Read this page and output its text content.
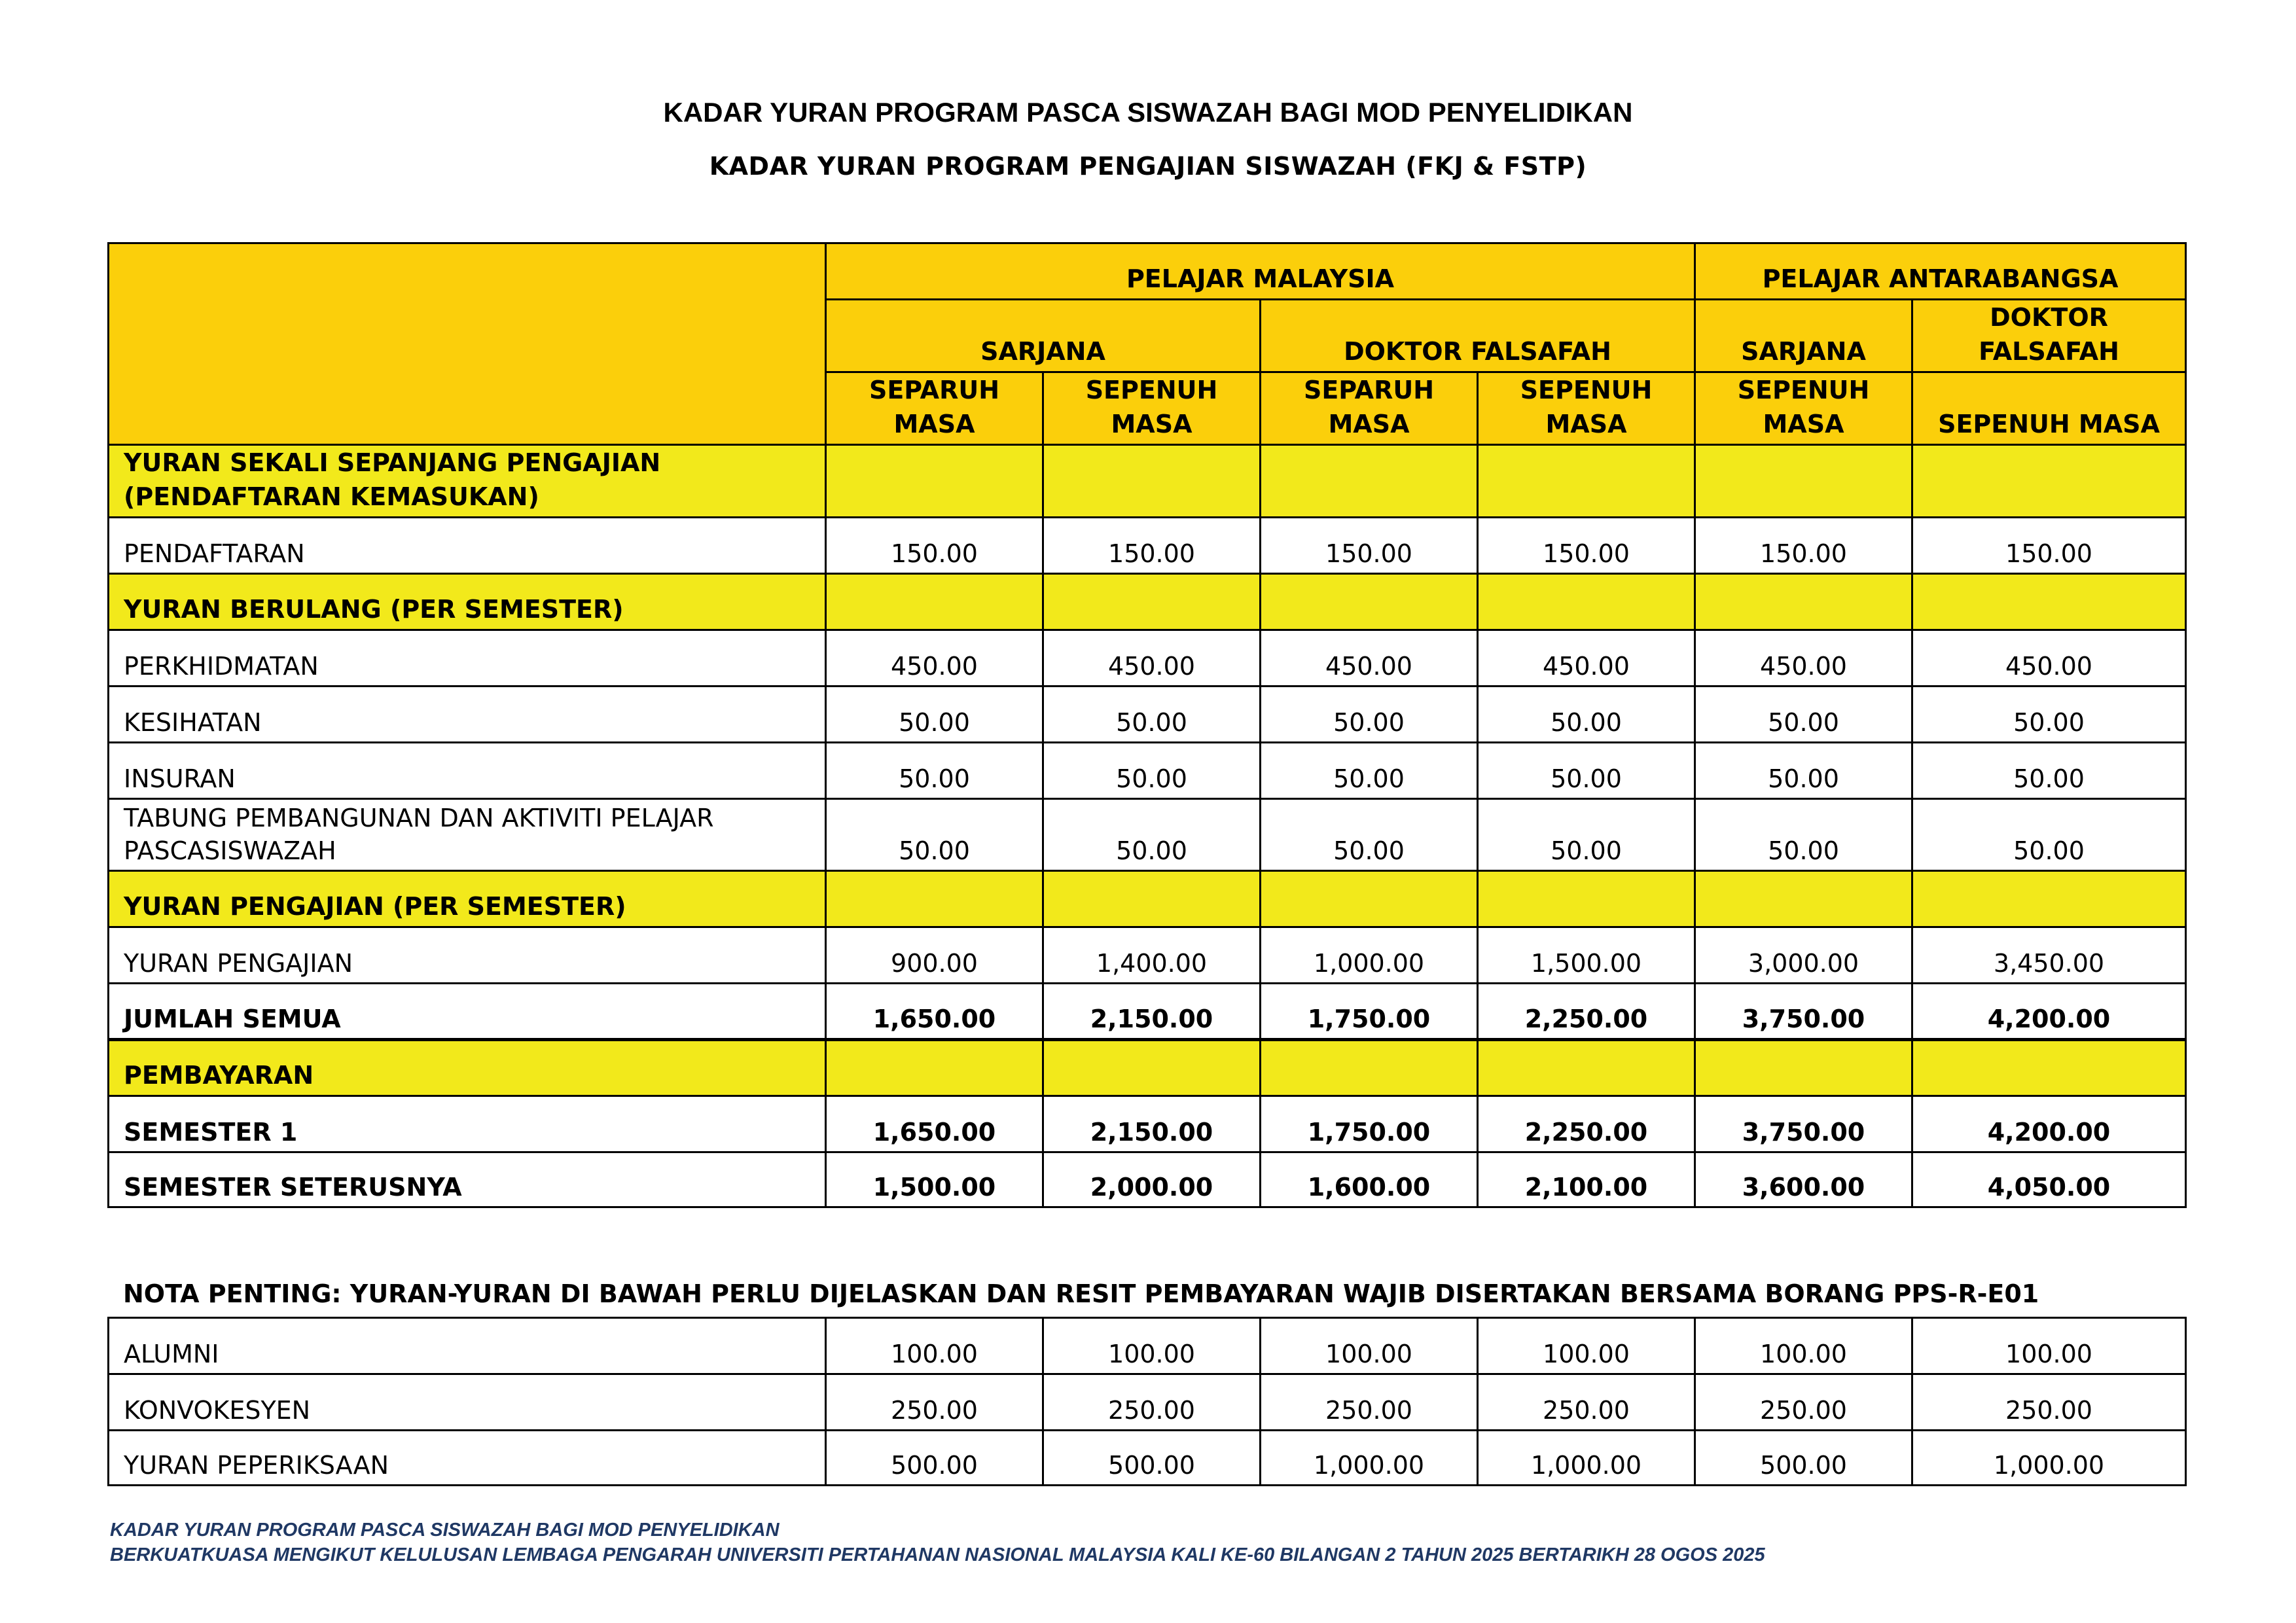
KADAR YURAN PROGRAM PASCA SISWAZAH BAGI MOD PENYELIDIKAN
KADAR YURAN PROGRAM PENGAJIAN SISWAZAH (FKJ & FSTP)
	PELAJAR MALAYSIA				PELAJAR ANTARABANGSA	
	SARJANA		DOKTOR FALSAFAH		SARJANA	DOKTOR FALSAFAH
	SEPARUH MASA	SEPENUH MASA	SEPARUH MASA	SEPENUH MASA	SEPENUH MASA	SEPENUH MASA
YURAN SEKALI SEPANJANG PENGAJIAN (PENDAFTARAN KEMASUKAN)						
PENDAFTARAN	150.00	150.00	150.00	150.00	150.00	150.00
YURAN BERULANG (PER SEMESTER)						
PERKHIDMATAN	450.00	450.00	450.00	450.00	450.00	450.00
KESIHATAN	50.00	50.00	50.00	50.00	50.00	50.00
INSURAN	50.00	50.00	50.00	50.00	50.00	50.00
TABUNG PEMBANGUNAN DAN AKTIVITI PELAJAR PASCASISWAZAH	50.00	50.00	50.00	50.00	50.00	50.00
YURAN PENGAJIAN (PER SEMESTER)						
YURAN PENGAJIAN	900.00	1,400.00	1,000.00	1,500.00	3,000.00	3,450.00
JUMLAH SEMUA	1,650.00	2,150.00	1,750.00	2,250.00	3,750.00	4,200.00
PEMBAYARAN						
SEMESTER 1	1,650.00	2,150.00	1,750.00	2,250.00	3,750.00	4,200.00
SEMESTER SETERUSNYA	1,500.00	2,000.00	1,600.00	2,100.00	3,600.00	4,050.00
NOTA PENTING: YURAN-YURAN DI BAWAH PERLU DIJELASKAN DAN RESIT PEMBAYARAN WAJIB DISERTAKAN BERSAMA BORANG PPS-R-E01
ALUMNI	100.00	100.00	100.00	100.00	100.00	100.00
KONVOKESYEN	250.00	250.00	250.00	250.00	250.00	250.00
YURAN PEPERIKSAAN	500.00	500.00	1,000.00	1,000.00	500.00	1,000.00
KADAR YURAN PROGRAM PASCA SISWAZAH BAGI MOD PENYELIDIKAN
BERKUATKUASA MENGIKUT KELULUSAN LEMBAGA PENGARAH UNIVERSITI PERTAHANAN NASIONAL MALAYSIA KALI KE-60 BILANGAN 2 TAHUN 2025 BERTARIKH 28 OGOS 2025
